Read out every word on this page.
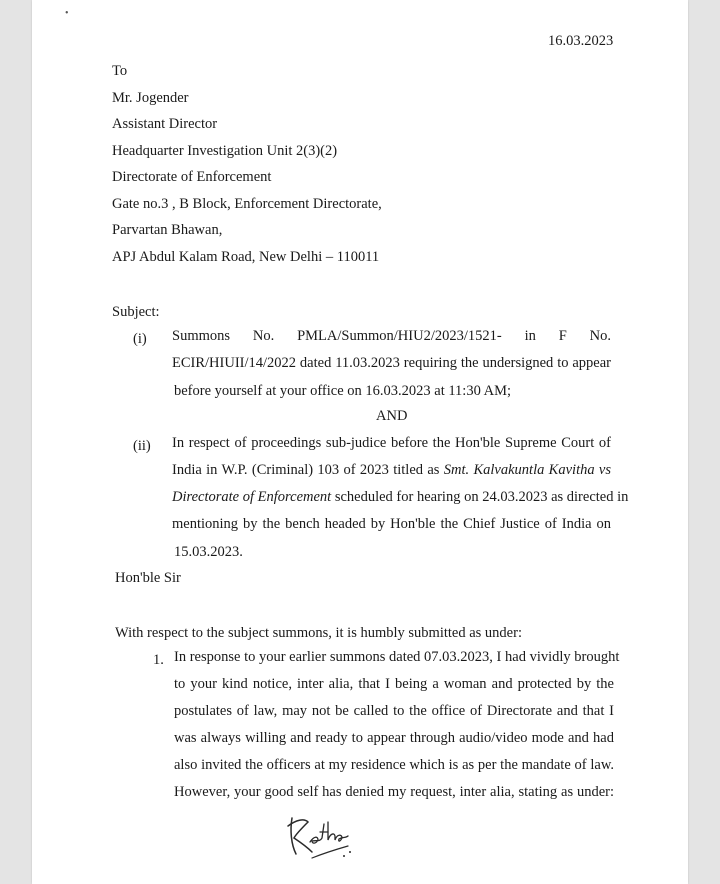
•
16.03.2023
To
Mr. Jogender
Assistant Director
Headquarter Investigation Unit 2(3)(2)
Directorate of Enforcement
Gate no.3 , B Block, Enforcement Directorate,
Parvartan Bhawan,
APJ Abdul Kalam Road, New Delhi – 110011
Subject:
(i) Summons No. PMLA/Summon/HIU2/2023/1521- in F No.
ECIR/HIUII/14/2022 dated 11.03.2023 requiring the undersigned to appear
before yourself at your office on 16.03.2023 at 11:30 AM;
AND
(ii) In respect of proceedings sub-judice before the Hon'ble Supreme Court of
India in W.P. (Criminal) 103 of 2023 titled as Smt. Kalvakuntla Kavitha vs
Directorate of Enforcement scheduled for hearing on 24.03.2023 as directed in
mentioning by the bench headed by Hon'ble the Chief Justice of India on
15.03.2023.
Hon'ble Sir
With respect to the subject summons, it is humbly submitted as under:
1. In response to your earlier summons dated 07.03.2023, I had vividly brought
to your kind notice, inter alia, that I being a woman and protected by the
postulates of law, may not be called to the office of Directorate and that I
was always willing and ready to appear through audio/video mode and had
also invited the officers at my residence which is as per the mandate of law.
However, your good self has denied my request, inter alia, stating as under:
